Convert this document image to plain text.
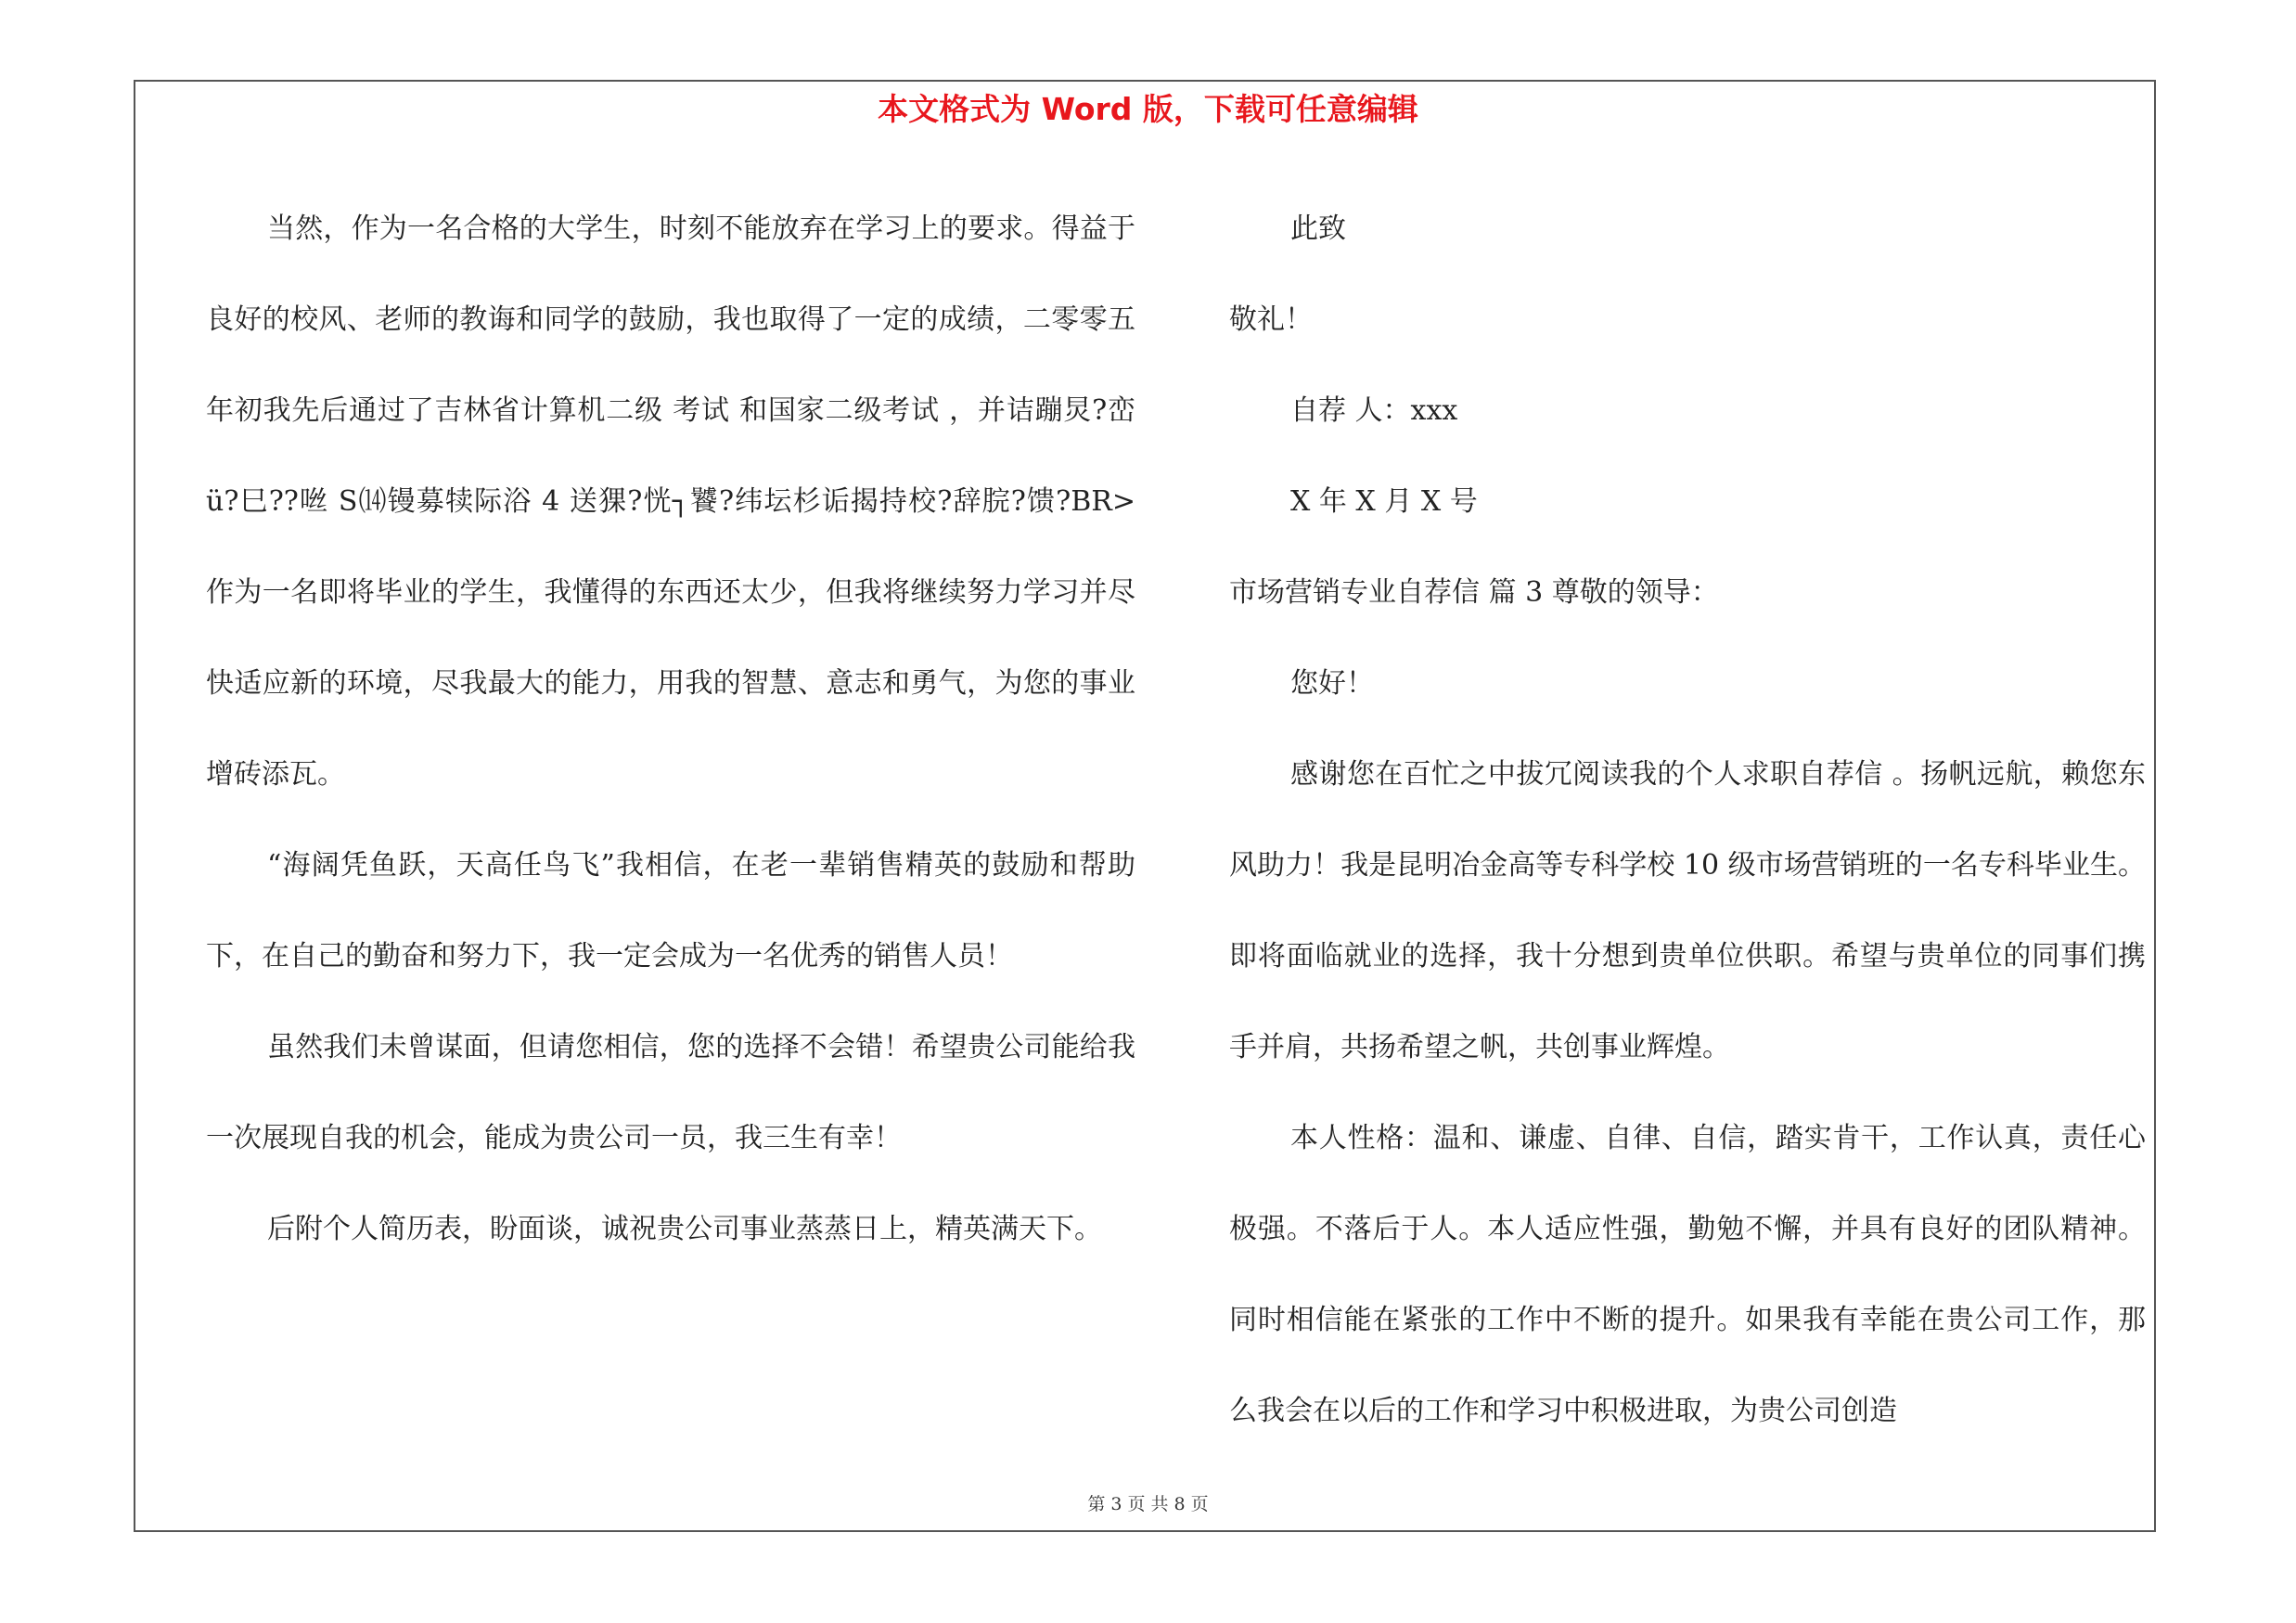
本文格式为 Word 版，下载可任意编辑

当然，作为一名合格的大学生，时刻不能放弃在学习上的要求。得益于良好的校风、老师的教诲和同学的鼓励，我也取得了一定的成绩，二零零五年初我先后通过了吉林省计算机二级 考试 和国家二级考试 ，并诘蹦炅?峦ü?巳??咝 S⒁镘募犊际浴 4 送猓?恍┐饕?纬坛杉诟揭持校?辞脘?馈?BR> 作为一名即将毕业的学生，我懂得的东西还太少，但我将继续努力学习并尽快适应新的环境，尽我最大的能力，用我的智慧、意志和勇气，为您的事业增砖添瓦。

“海阔凭鱼跃，天高任鸟飞”我相信，在老一辈销售精英的鼓励和帮助下，在自己的勤奋和努力下，我一定会成为一名优秀的销售人员！

虽然我们未曾谋面，但请您相信，您的选择不会错！希望贵公司能给我一次展现自我的机会，能成为贵公司一员，我三生有幸！

后附个人简历表，盼面谈，诚祝贵公司事业蒸蒸日上，精英满天下。

此致

敬礼！

自荐 人：xxx

X 年 X 月 X 号

市场营销专业自荐信 篇 3 尊敬的领导：

您好！

感谢您在百忙之中拔冗阅读我的个人求职自荐信 。扬帆远航，赖您东风助力！我是昆明冶金高等专科学校 10 级市场营销班的一名专科毕业生。即将面临就业的选择，我十分想到贵单位供职。希望与贵单位的同事们携手并肩，共扬希望之帆，共创事业辉煌。

本人性格：温和、谦虚、自律、自信，踏实肯干，工作认真，责任心极强。不落后于人。本人适应性强，勤勉不懈，并具有良好的团队精神。同时相信能在紧张的工作中不断的提升。如果我有幸能在贵公司工作，那么我会在以后的工作和学习中积极进取，为贵公司创造

第 3 页 共 8 页
